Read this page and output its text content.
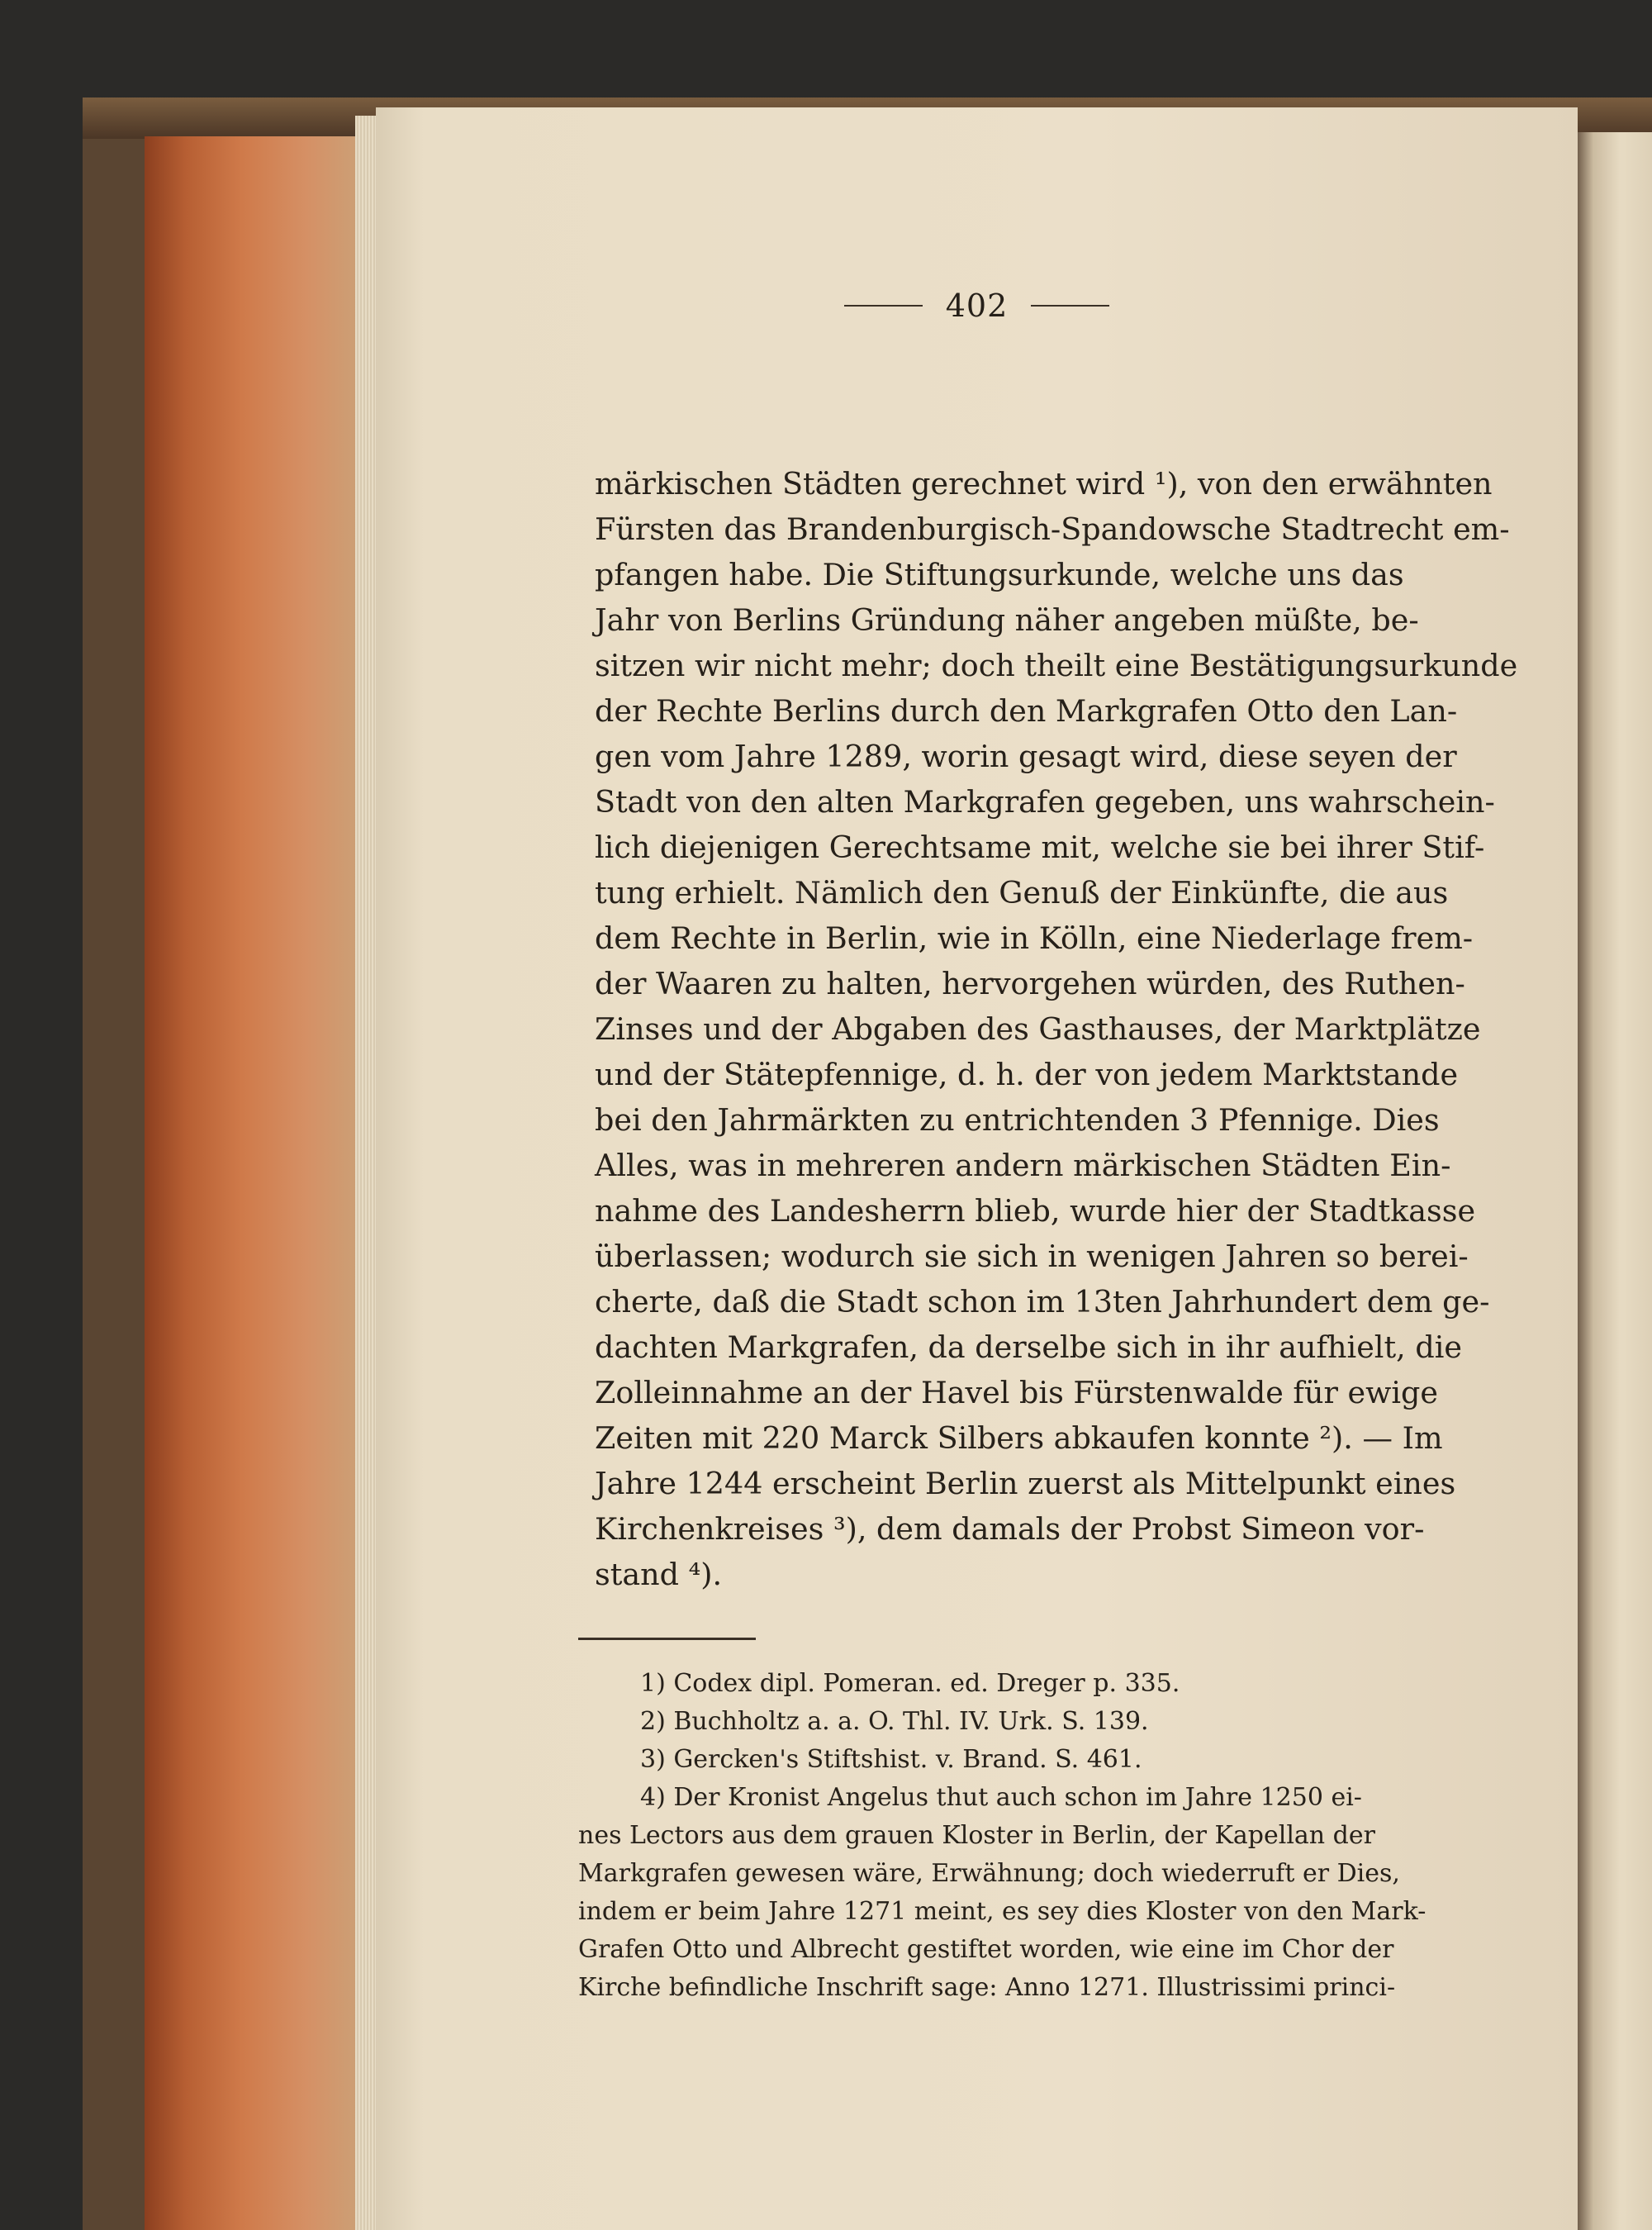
402
märkischen Städten gerechnet wird ¹), von den erwähnten
Fürsten das Brandenburgisch-Spandowsche Stadtrecht em-
pfangen habe. Die Stiftungsurkunde, welche uns das
Jahr von Berlins Gründung näher angeben müßte, be-
sitzen wir nicht mehr; doch theilt eine Bestätigungsurkunde
der Rechte Berlins durch den Markgrafen Otto den Lan-
gen vom Jahre 1289, worin gesagt wird, diese seyen der
Stadt von den alten Markgrafen gegeben, uns wahrschein-
lich diejenigen Gerechtsame mit, welche sie bei ihrer Stif-
tung erhielt. Nämlich den Genuß der Einkünfte, die aus
dem Rechte in Berlin, wie in Kölln, eine Niederlage frem-
der Waaren zu halten, hervorgehen würden, des Ruthen-
Zinses und der Abgaben des Gasthauses, der Marktplätze
und der Stätepfennige, d. h. der von jedem Marktstande
bei den Jahrmärkten zu entrichtenden 3 Pfennige. Dies
Alles, was in mehreren andern märkischen Städten Ein-
nahme des Landesherrn blieb, wurde hier der Stadtkasse
überlassen; wodurch sie sich in wenigen Jahren so berei-
cherte, daß die Stadt schon im 13ten Jahrhundert dem ge-
dachten Markgrafen, da derselbe sich in ihr aufhielt, die
Zolleinnahme an der Havel bis Fürstenwalde für ewige
Zeiten mit 220 Marck Silbers abkaufen konnte ²). — Im
Jahre 1244 erscheint Berlin zuerst als Mittelpunkt eines
Kirchenkreises ³), dem damals der Probst Simeon vor-
stand ⁴).
1) Codex dipl. Pomeran. ed. Dreger p. 335.
2) Buchholtz a. a. O. Thl. IV. Urk. S. 139.
3) Gercken's Stiftshist. v. Brand. S. 461.
4) Der Kronist Angelus thut auch schon im Jahre 1250 ei-
nes Lectors aus dem grauen Kloster in Berlin, der Kapellan der
Markgrafen gewesen wäre, Erwähnung; doch wiederruft er Dies,
indem er beim Jahre 1271 meint, es sey dies Kloster von den Mark-
Grafen Otto und Albrecht gestiftet worden, wie eine im Chor der
Kirche befindliche Inschrift sage: Anno 1271. Illustrissimi princi-
